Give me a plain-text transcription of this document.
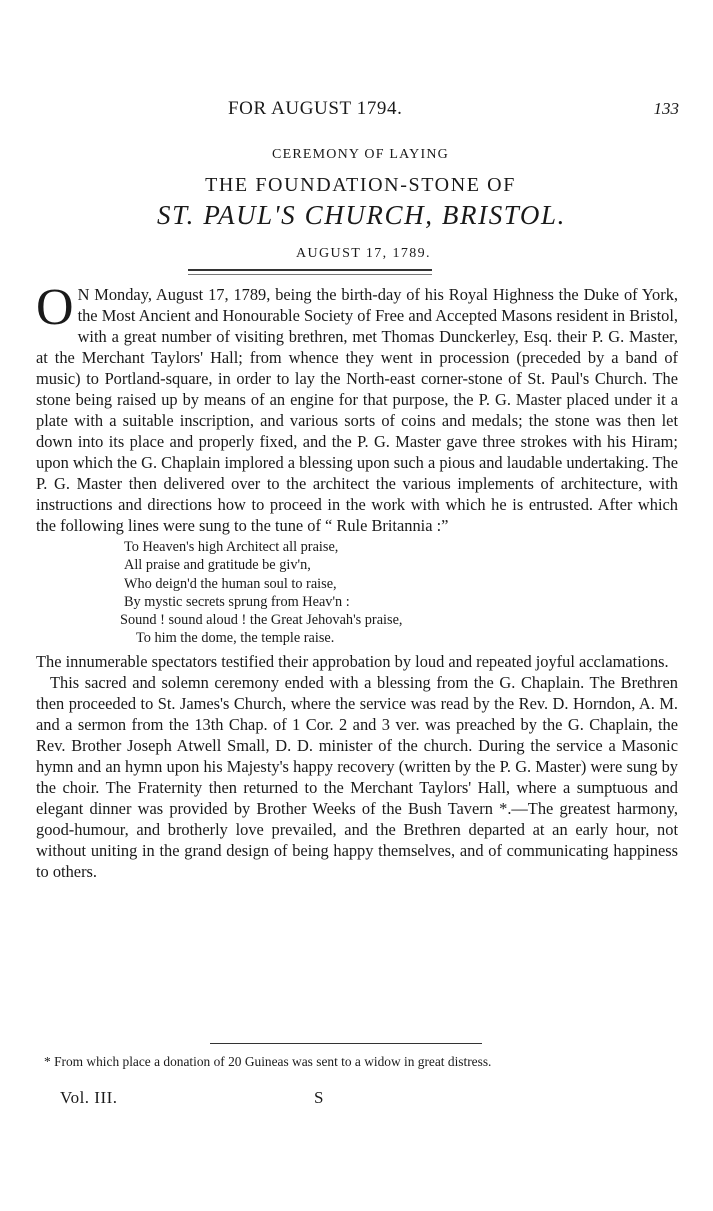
FOR AUGUST 1794.	133
CEREMONY OF LAYING
THE FOUNDATION-STONE OF
ST. PAUL'S CHURCH, BRISTOL.
AUGUST 17, 1789.

O N Monday, August 17, 1789, being the birth-day of his Royal Highness the Duke of York, the Most Ancient and Honourable Society of Free and Accepted Masons resident in Bristol, with a great number of visiting brethren, met Thomas Dunckerley, Esq. their P. G. Master, at the Merchant Taylors' Hall; from whence they went in procession (preceded by a band of music) to Portland-square, in order to lay the North-east corner-stone of St. Paul's Church. The stone being raised up by means of an engine for that purpose, the P. G. Master placed under it a plate with a suitable inscription, and various sorts of coins and medals; the stone was then let down into its place and properly fixed, and the P. G. Master gave three strokes with his Hiram; upon which the G. Chaplain implored a blessing upon such a pious and laudable undertaking. The P. G. Master then delivered over to the architect the various implements of architecture, with instructions and directions how to proceed in the work with which he is entrusted. After which the following lines were sung to the tune of “ Rule Britannia :”

To Heaven's high Architect all praise,
All praise and gratitude be giv'n,
Who deign'd the human soul to raise,
By mystic secrets sprung from Heav'n :
Sound ! sound aloud ! the Great Jehovah's praise,
To him the dome, the temple raise.

The innumerable spectators testified their approbation by loud and repeated joyful acclamations.

This sacred and solemn ceremony ended with a blessing from the G. Chaplain. The Brethren then proceeded to St. James's Church, where the service was read by the Rev. D. Horndon, A. M. and a sermon from the 13th Chap. of 1 Cor. 2 and 3 ver. was preached by the G. Chaplain, the Rev. Brother Joseph Atwell Small, D. D. minister of the church. During the service a Masonic hymn and an hymn upon his Majesty's happy recovery (written by the P. G. Master) were sung by the choir. The Fraternity then returned to the Merchant Taylors' Hall, where a sumptuous and elegant dinner was provided by Brother Weeks of the Bush Tavern *.—The greatest harmony, good-humour, and brotherly love prevailed, and the Brethren departed at an early hour, not without uniting in the grand design of being happy themselves, and of communicating happiness to others.

* From which place a donation of 20 Guineas was sent to a widow in great distress.
Vol. III.	S
